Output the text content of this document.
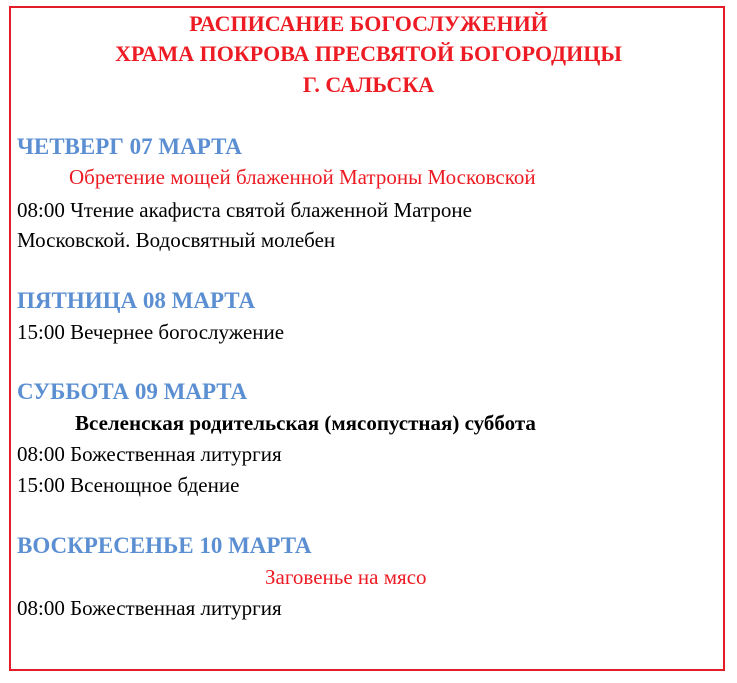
РАСПИСАНИЕ БОГОСЛУЖЕНИЙ
ХРАМА ПОКРОВА ПРЕСВЯТОЙ БОГОРОДИЦЫ
Г. САЛЬСКА
ЧЕТВЕРГ 07 МАРТА
Обретение мощей блаженной Матроны Московской
08:00 Чтение акафиста святой блаженной Матроне
Московской. Водосвятный молебен
ПЯТНИЦА 08 МАРТА
15:00 Вечернее богослужение
СУББОТА 09 МАРТА
Вселенская родительская (мясопустная) суббота
08:00 Божественная литургия
15:00 Всенощное бдение
ВОСКРЕСЕНЬЕ 10 МАРТА
Заговенье на мясо
08:00 Божественная литургия
